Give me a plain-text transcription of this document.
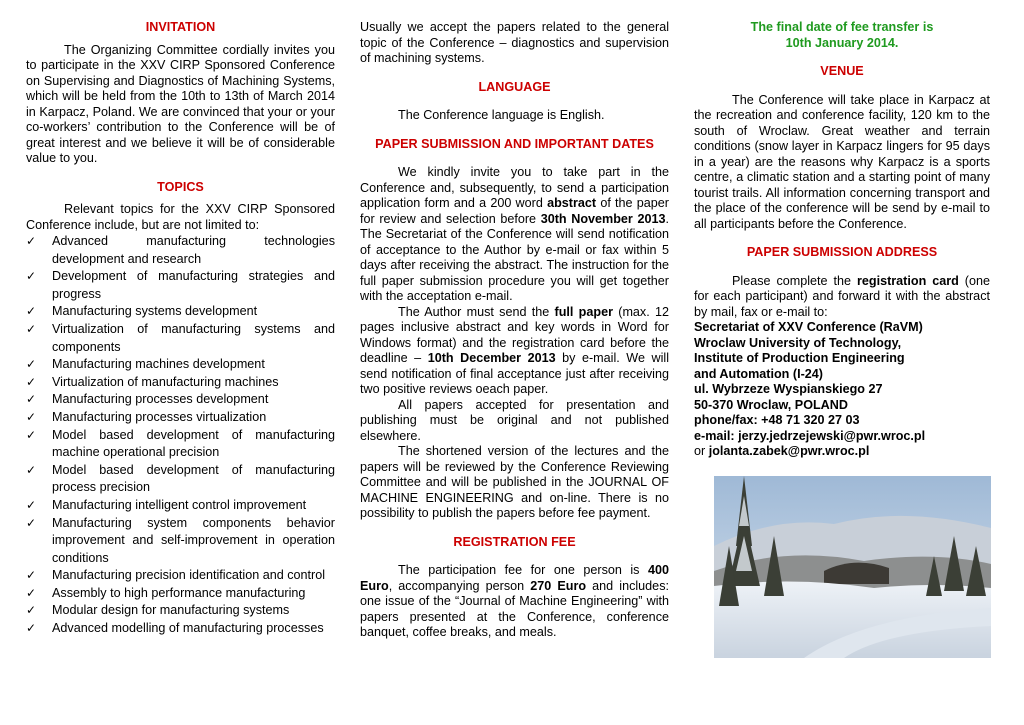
INVITATION

The Organizing Committee cordially invites you to participate in the XXV CIRP Sponsored Conference on Supervising and Diagnostics of Machining Systems, which will be held from the 10th to 13th of March 2014 in Karpacz, Poland. We are convinced that your or your co-workers’ contribution to the Conference will be of great interest and we believe it will be of considerable value to you.

TOPICS

Relevant topics for the XXV CIRP Sponsored Conference include, but are not limited to:

✓ Advanced manufacturing technologies development and research
✓ Development of manufacturing strategies and progress
✓ Manufacturing systems development
✓ Virtualization of manufacturing systems and components
✓ Manufacturing machines development
✓ Virtualization of manufacturing machines
✓ Manufacturing processes development
✓ Manufacturing processes virtualization
✓ Model based development of manufacturing machine operational precision
✓ Model based development of manufacturing process precision
✓ Manufacturing intelligent control improvement
✓ Manufacturing system components behavior improvement and self-improvement in operation conditions
✓ Manufacturing precision identification and control
✓ Assembly to high performance manufacturing
✓ Modular design for manufacturing systems
✓ Advanced modelling of manufacturing processes

Usually we accept the papers related to the general topic of the Conference – diagnostics and supervision of machining systems.

LANGUAGE

The Conference language is English.

PAPER SUBMISSION AND IMPORTANT DATES

We kindly invite you to take part in the Conference and, subsequently, to send a participation application form and a 200 word abstract of the paper for review and selection before 30th November 2013. The Secretariat of the Conference will send notification of acceptance to the Author by e-mail or fax within 5 days after receiving the abstract. The instruction for the full paper submission procedure you will get together with the acceptation e-mail.

The Author must send the full paper (max. 12 pages inclusive abstract and key words in Word for Windows format) and the registration card before the deadline – 10th December 2013 by e-mail. We will send notification of final acceptance just after receiving two positive reviews oeach paper.

All papers accepted for presentation and publishing must be original and not published elsewhere.

The shortened version of the lectures and the papers will be reviewed by the Conference Reviewing Committee and will be published in the JOURNAL OF MACHINE ENGINEERING and on-line. There is no possibility to publish the papers before fee payment.

REGISTRATION FEE

The participation fee for one person is 400 Euro, accompanying person 270 Euro and includes: one issue of the “Journal of Machine Engineering” with papers presented at the Conference, conference banquet, coffee breaks, and meals.

The final date of fee transfer is
10th January 2014.
VENUE

The Conference will take place in Karpacz at the recreation and conference facility, 120 km to the south of Wroclaw. Great weather and terrain conditions (snow layer in Karpacz lingers for 95 days in a year) are the reasons why Karpacz is a sports centre, a climatic station and a starting point of many tourist trails. All information concerning transport and the place of the conference will be send by e-mail to all participants before the Conference.

PAPER SUBMISSION ADDRESS

Please complete the registration card (one for each participant) and forward it with the abstract by mail, fax or e-mail to:

Secretariat of XXV Conference (RaVM)
Wroclaw University of Technology,
Institute of Production Engineering
and Automation (I-24)
ul. Wybrzeze Wyspianskiego 27
50-370 Wroclaw, POLAND
phone/fax: +48 71 320 27 03
e-mail: jerzy.jedrzejewski@pwr.wroc.pl
or jolanta.zabek@pwr.wroc.pl
